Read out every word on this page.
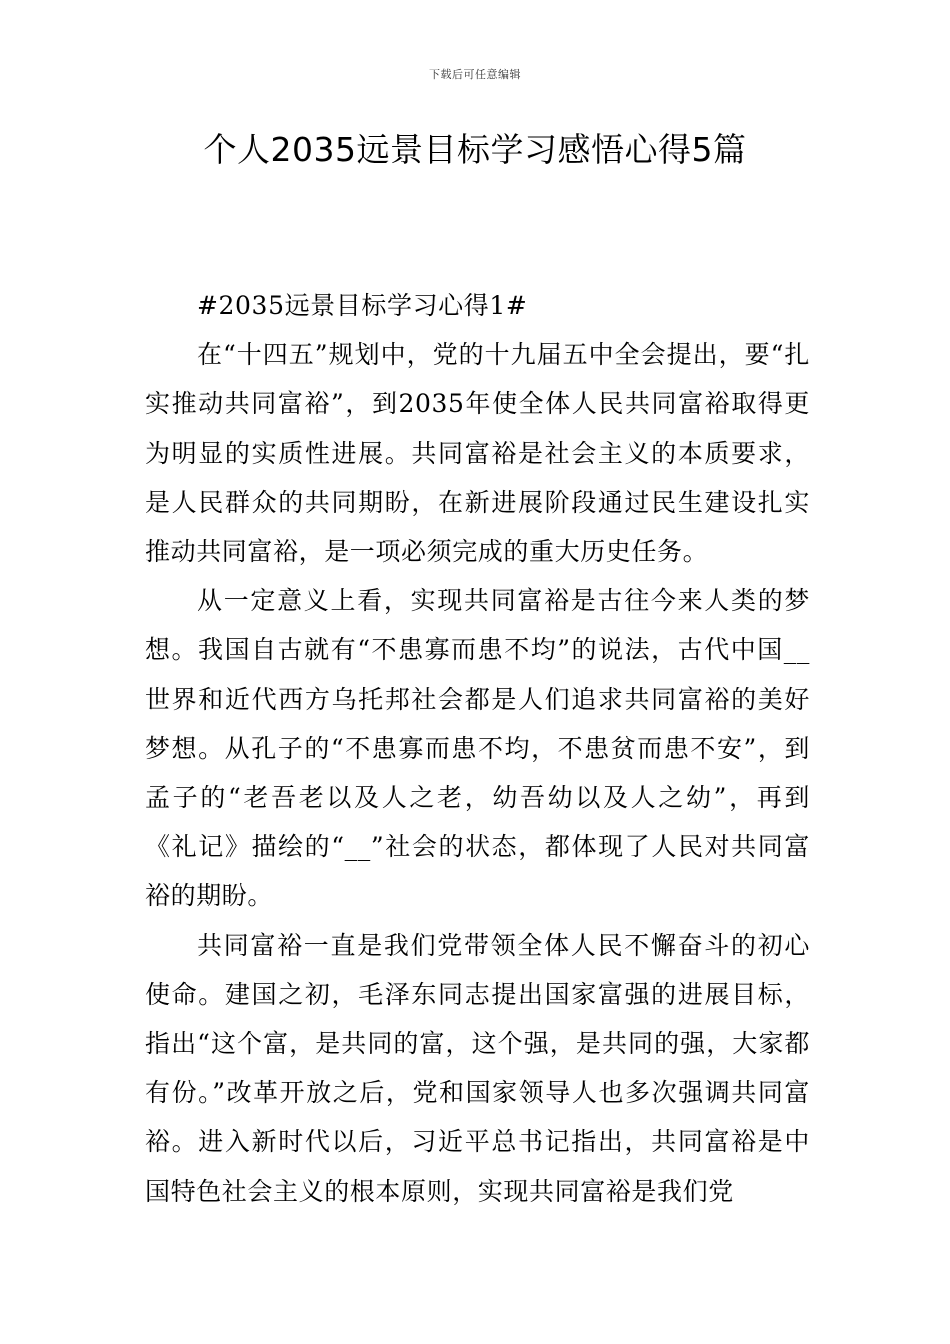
下载后可任意编辑
个人2035远景目标学习感悟心得5篇
#2035远景目标学习心得1#

在“十四五”规划中，党的十九届五中全会提出，要“扎实推动共同富裕”，到2035年使全体人民共同富裕取得更为明显的实质性进展。共同富裕是社会主义的本质要求，是人民群众的共同期盼，在新进展阶段通过民生建设扎实推动共同富裕，是一项必须完成的重大历史任务。

从一定意义上看，实现共同富裕是古往今来人类的梦想。我国自古就有“不患寡而患不均”的说法，古代中国__世界和近代西方乌托邦社会都是人们追求共同富裕的美好梦想。从孔子的“不患寡而患不均，不患贫而患不安”，到孟子的“老吾老以及人之老，幼吾幼以及人之幼”，再到《礼记》描绘的“__”社会的状态，都体现了人民对共同富裕的期盼。

共同富裕一直是我们党带领全体人民不懈奋斗的初心使命。建国之初，毛泽东同志提出国家富强的进展目标，指出“这个富，是共同的富，这个强，是共同的强，大家都有份。”改革开放之后，党和国家领导人也多次强调共同富裕。进入新时代以后，习近平总书记指出，共同富裕是中国特色社会主义的根本原则，实现共同富裕是我们党
